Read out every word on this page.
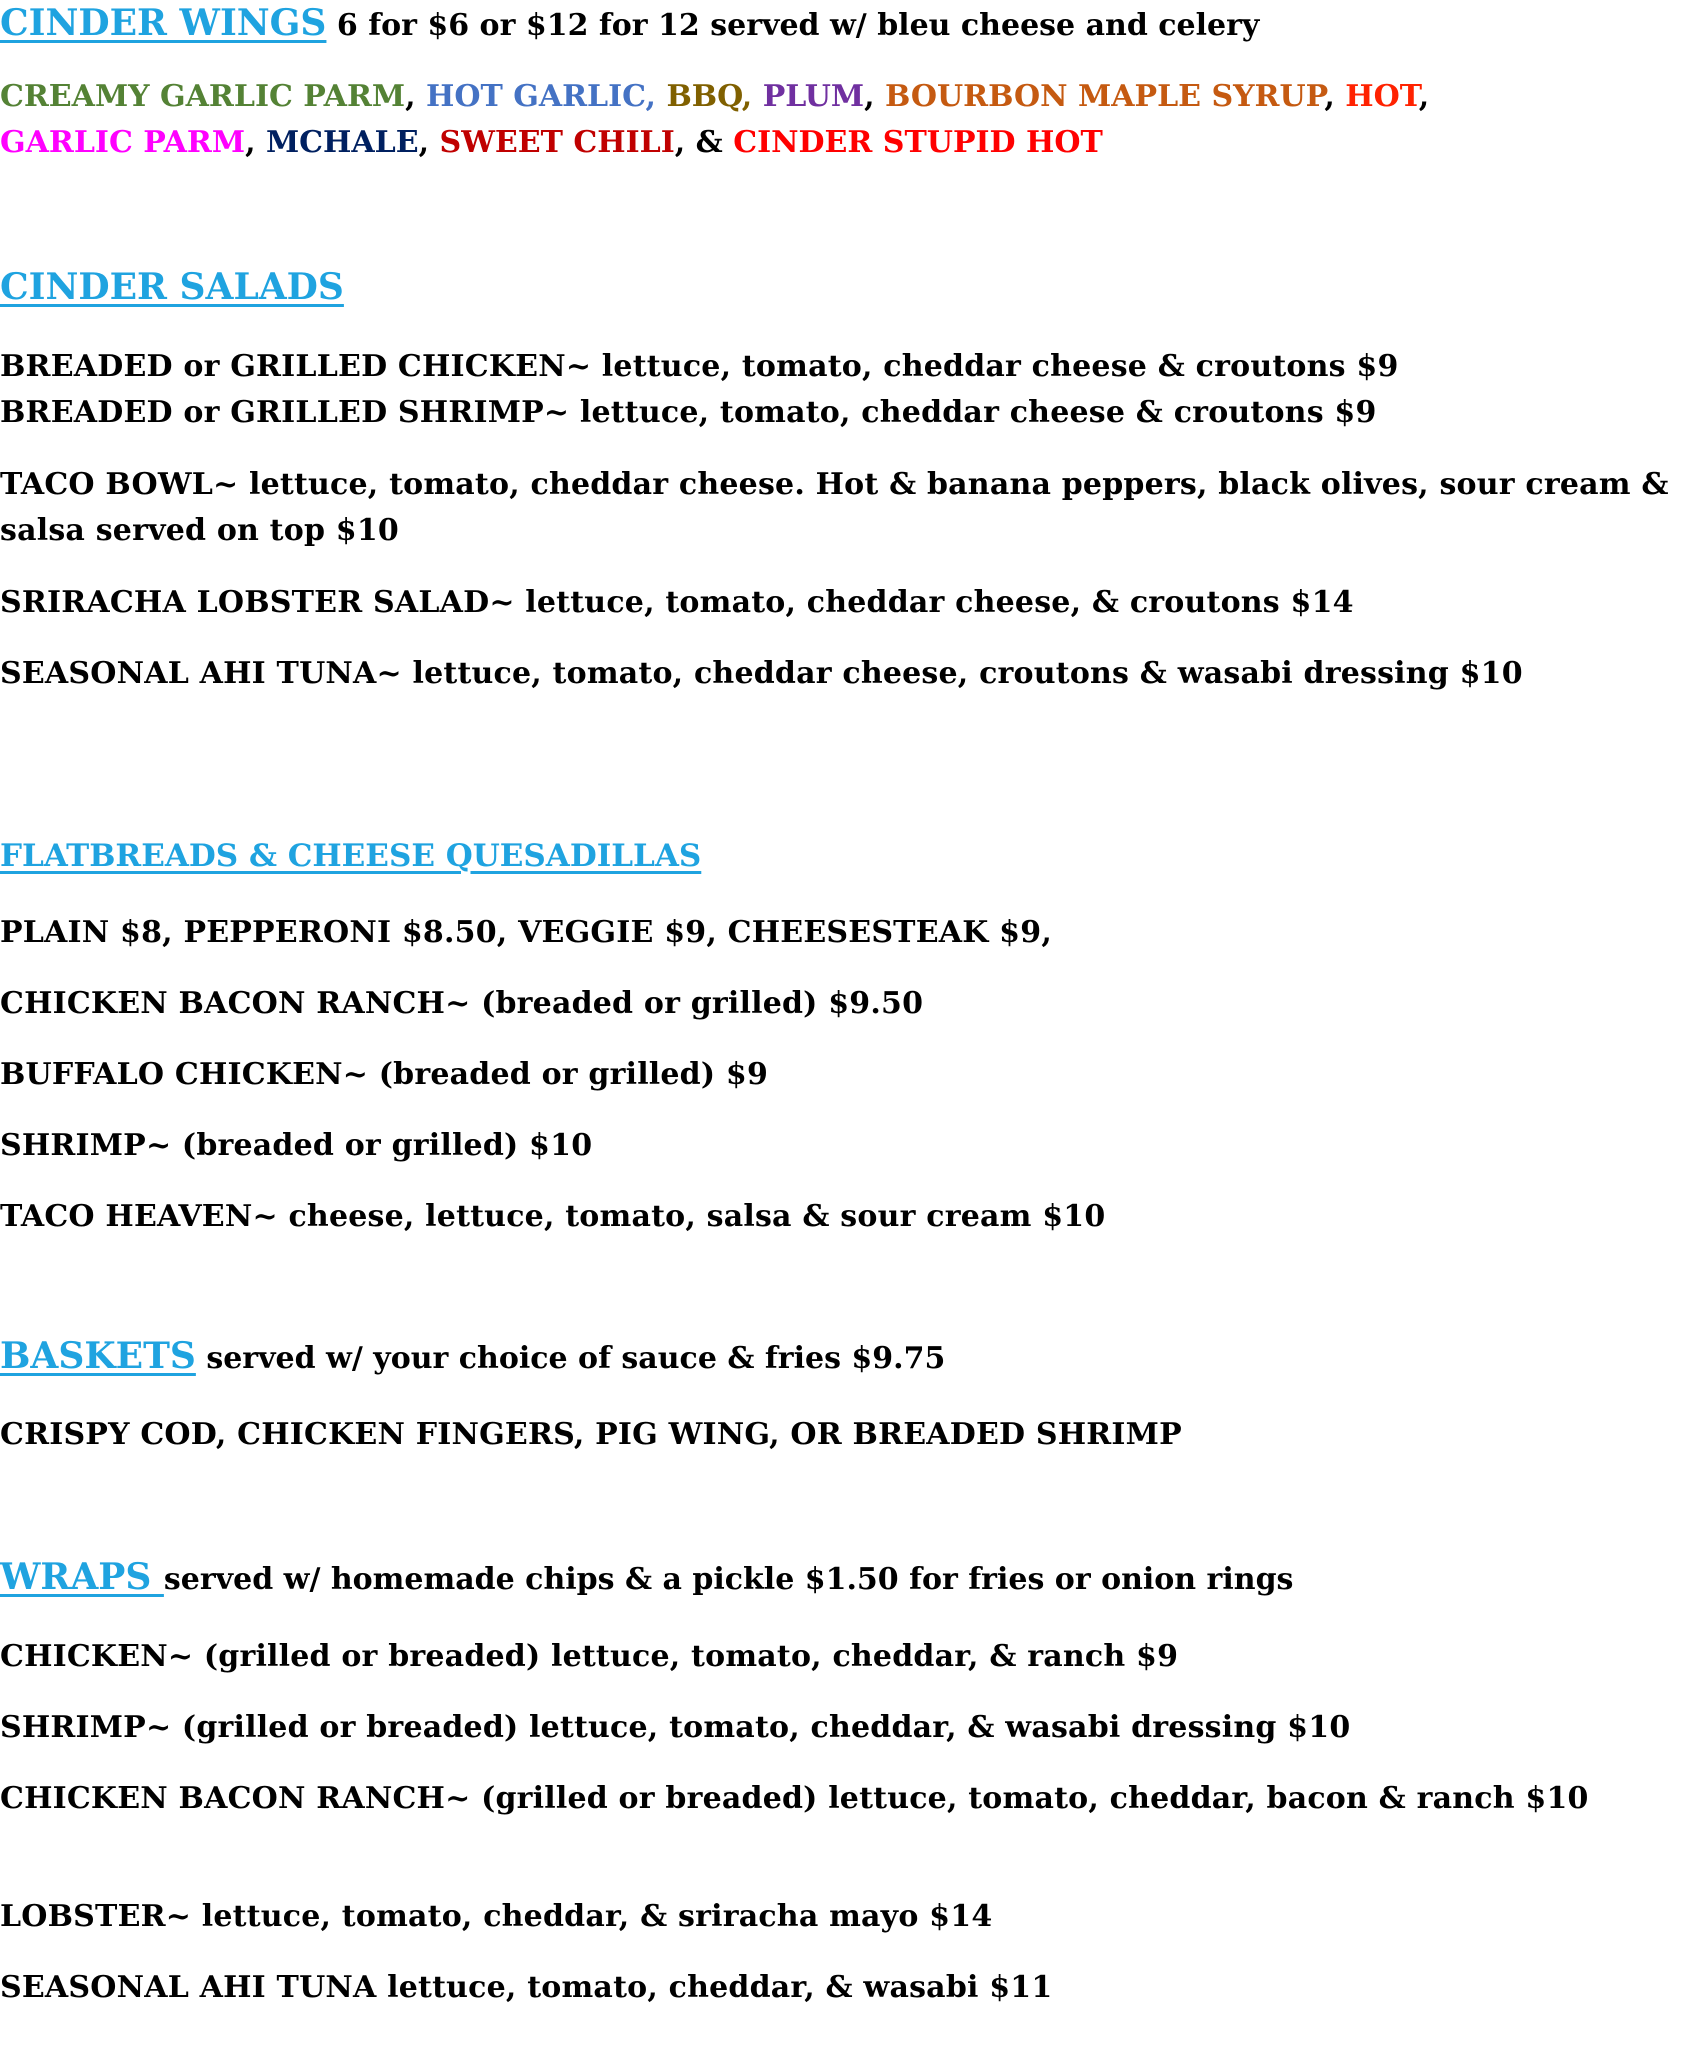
CINDER WINGS 6 for $6 or $12 for 12 served w/ bleu cheese and celery
CREAMY GARLIC PARM, HOT GARLIC, BBQ, PLUM, BOURBON MAPLE SYRUP, HOT,
GARLIC PARM, MCHALE, SWEET CHILI, & CINDER STUPID HOT
CINDER SALADS
BREADED or GRILLED CHICKEN~ lettuce, tomato, cheddar cheese & croutons $9
BREADED or GRILLED SHRIMP~ lettuce, tomato, cheddar cheese & croutons $9
TACO BOWL~ lettuce, tomato, cheddar cheese. Hot & banana peppers, black olives, sour cream & salsa served on top $10
SRIRACHA LOBSTER SALAD~ lettuce, tomato, cheddar cheese, & croutons $14
SEASONAL AHI TUNA~ lettuce, tomato, cheddar cheese, croutons & wasabi dressing $10
FLATBREADS & CHEESE QUESADILLAS
PLAIN $8, PEPPERONI $8.50, VEGGIE $9, CHEESESTEAK $9,
CHICKEN BACON RANCH~ (breaded or grilled) $9.50
BUFFALO CHICKEN~ (breaded or grilled) $9
SHRIMP~ (breaded or grilled) $10
TACO HEAVEN~ cheese, lettuce, tomato, salsa & sour cream $10
BASKETS served w/ your choice of sauce & fries $9.75
CRISPY COD, CHICKEN FINGERS, PIG WING, OR BREADED SHRIMP
WRAPS served w/ homemade chips & a pickle $1.50 for fries or onion rings
CHICKEN~ (grilled or breaded) lettuce, tomato, cheddar, & ranch $9
SHRIMP~ (grilled or breaded) lettuce, tomato, cheddar, & wasabi dressing $10
CHICKEN BACON RANCH~ (grilled or breaded) lettuce, tomato, cheddar, bacon & ranch $10
LOBSTER~ lettuce, tomato, cheddar, & sriracha mayo $14
SEASONAL AHI TUNA lettuce, tomato, cheddar, & wasabi $11
